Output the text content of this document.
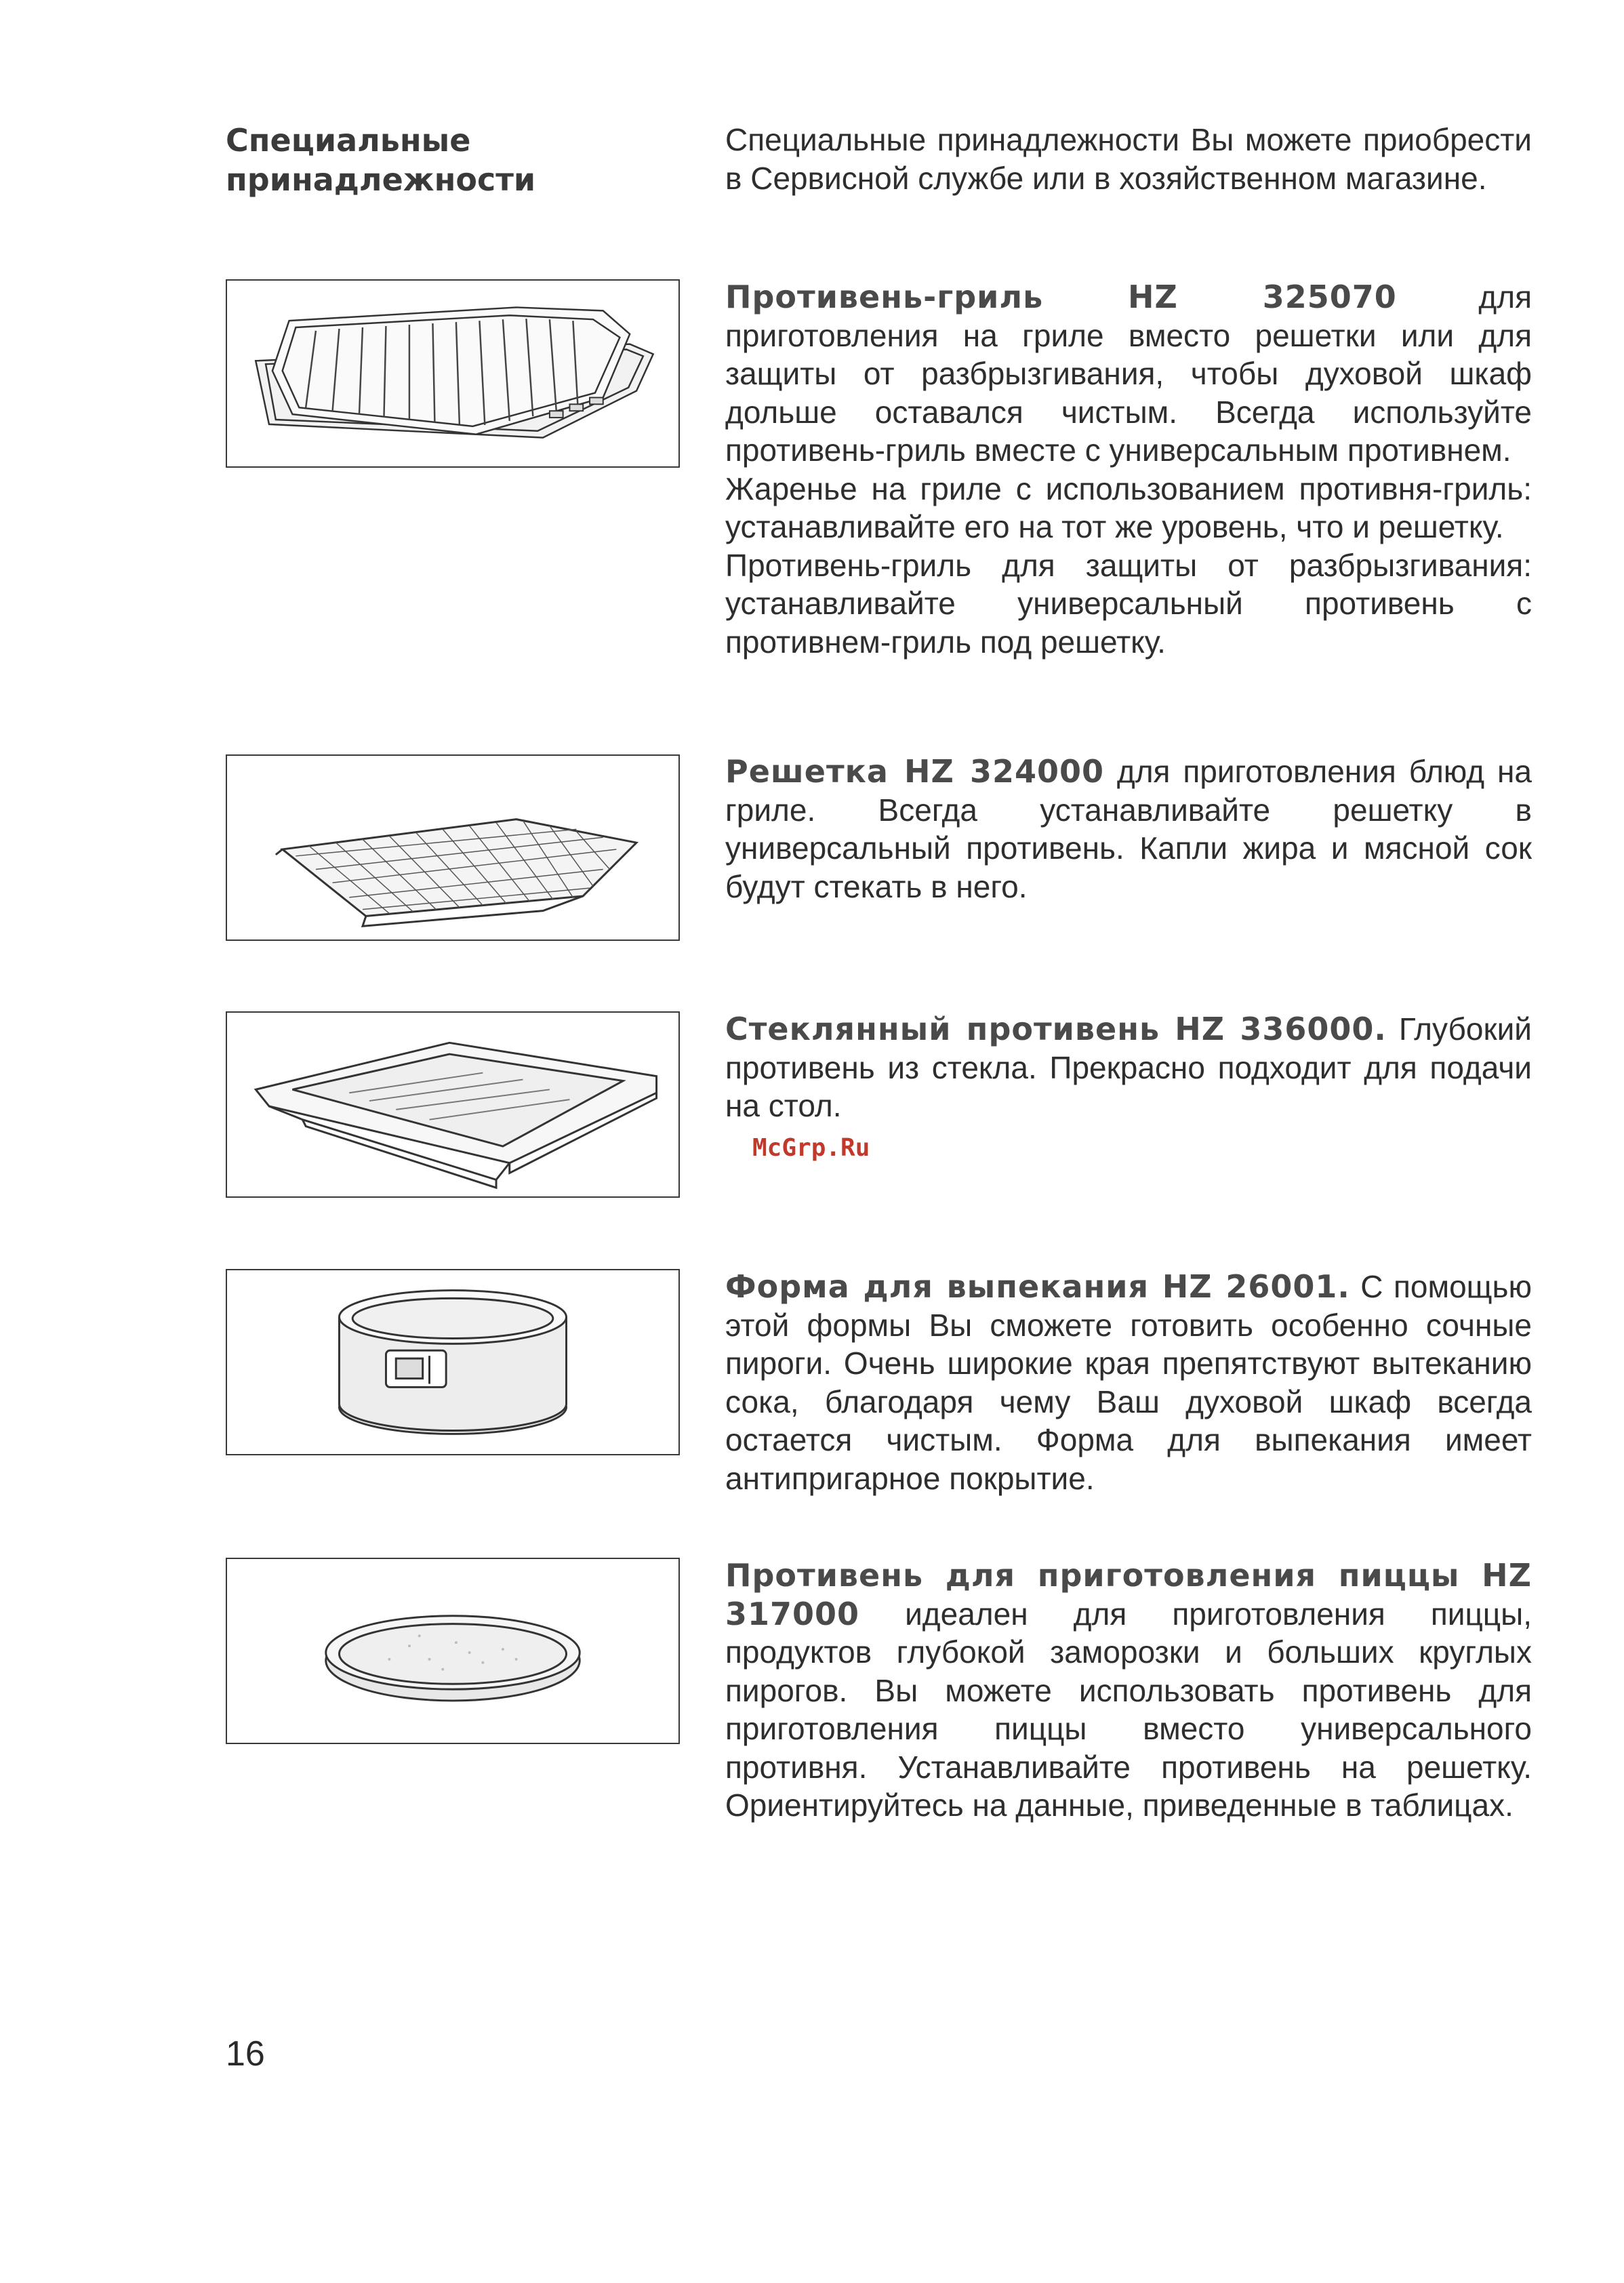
Специальные
принадлежности

Специальные принадлежности Вы можете приобрести в Сервисной службе или в хозяйственном магазине.

Противень-гриль HZ 325070 для приготовления на гриле вместо решетки или для защиты от разбрызгивания, чтобы духовой шкаф дольше оставался чистым. Всегда используйте противень-гриль вместе с универсальным противнем.

Жаренье на гриле с использованием противня-гриль: устанавливайте его на тот же уровень, что и решетку.

Противень-гриль для защиты от разбрызгивания: устанавливайте универсальный противень с противнем-гриль под решетку.

Решетка HZ 324000 для приготовления блюд на гриле. Всегда устанавливайте решетку в универсальный противень. Капли жира и мясной сок будут стекать в него.

Стеклянный противень HZ 336000. Глубокий противень из стекла. Прекрасно подходит для подачи на стол.

McGrp.Ru

Форма для выпекания HZ 26001. С помощью этой формы Вы сможете готовить особенно сочные пироги. Очень широкие края препятствуют вытеканию сока, благодаря чему Ваш духовой шкаф всегда остается чистым. Форма для выпекания имеет антипригарное покрытие.

Противень для приготовления пиццы HZ 317000 идеален для приготовления пиццы, продуктов глубокой заморозки и больших круглых пирогов. Вы можете использовать противень для приготовления пиццы вместо универсального противня. Устанавливайте противень на решетку. Ориентируйтесь на данные, приведенные в таблицах.

16
